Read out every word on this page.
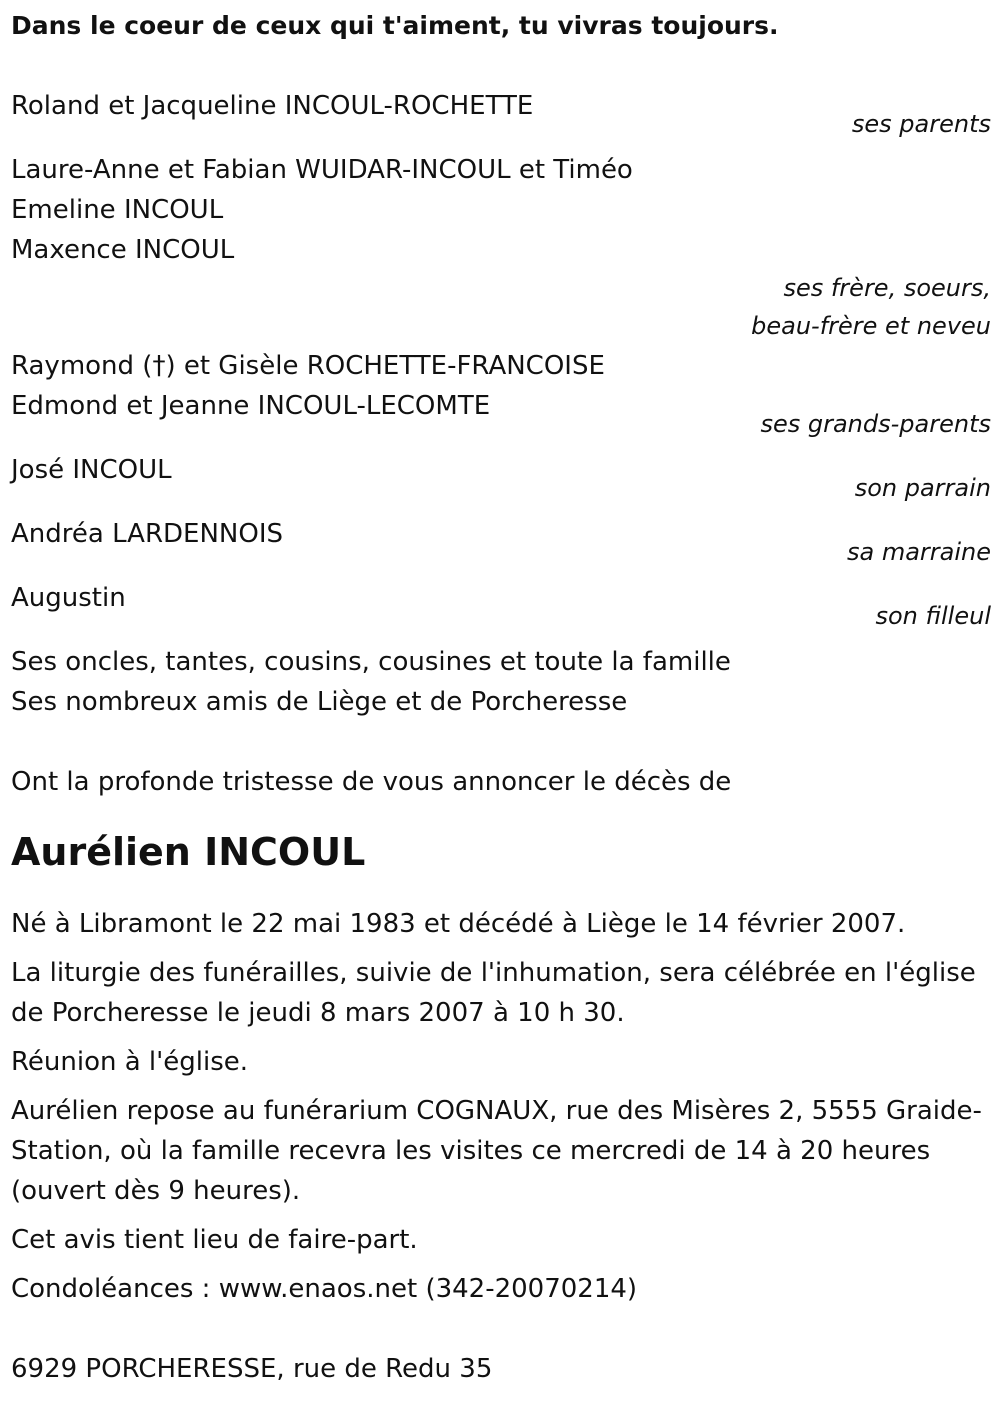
Dans le coeur de ceux qui t'aiment, tu vivras toujours.
Roland et Jacqueline INCOUL-ROCHETTE
ses parents
Laure-Anne et Fabian WUIDAR-INCOUL et Timéo
Emeline INCOUL
Maxence INCOUL
ses frère, soeurs,
beau-frère et neveu
Raymond (†) et Gisèle ROCHETTE-FRANCOISE
Edmond et Jeanne INCOUL-LECOMTE
ses grands-parents
José INCOUL
son parrain
Andréa LARDENNOIS
sa marraine
Augustin
son filleul
Ses oncles, tantes, cousins, cousines et toute la famille
Ses nombreux amis de Liège et de Porcheresse
Ont la profonde tristesse de vous annoncer le décès de
Aurélien INCOUL

Né à Libramont le 22 mai 1983 et décédé à Liège le 14 février 2007.

La liturgie des funérailles, suivie de l'inhumation, sera célébrée en l'église de Porcheresse le jeudi 8 mars 2007 à 10 h 30.

Réunion à l'église.

Aurélien repose au funérarium COGNAUX, rue des Misères 2, 5555 Graide-Station, où la famille recevra les visites ce mercredi de 14 à 20 heures (ouvert dès 9 heures).

Cet avis tient lieu de faire-part.

Condoléances : www.enaos.net (342-20070214)

6929 PORCHERESSE, rue de Redu 35
